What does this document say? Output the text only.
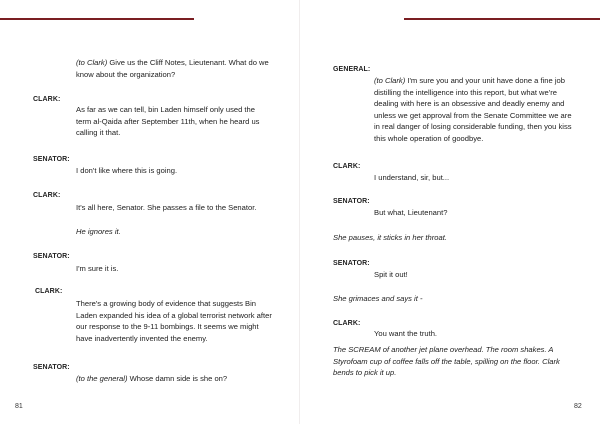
(to Clark) Give us the Cliff Notes, Lieutenant. What do we know about the organization?

CLARK:

As far as we can tell, bin Laden himself only used the term al-Qaida after September 11th, when he heard us calling it that.

SENATOR:

I don't like where this is going.

CLARK:

It's all here, Senator. She passes a file to the Senator.

He ignores it.

SENATOR:

I'm sure it is.

CLARK:

There's a growing body of evidence that suggests Bin Laden expanded his idea of a global terrorist network after our response to the 9-11 bombings. It seems we might have inadvertently invented the enemy.

SENATOR:

(to the general) Whose damn side is she on?

81

GENERAL:

(to Clark) I'm sure you and your unit have done a fine job distilling the intelligence into this report, but what we're dealing with here is an obsessive and deadly enemy and unless we get approval from the Senate Committee we are in real danger of losing considerable funding, then you kiss this whole operation of goodbye.

CLARK:

I understand, sir, but...

SENATOR:

But what, Lieutenant?

She pauses, it sticks in her throat.

SENATOR:

Spit it out!

She grimaces and says it -

CLARK:

You want the truth.

The SCREAM of another jet plane overhead. The room shakes. A Styrofoam cup of coffee falls off the table, spilling on the floor. Clark bends to pick it up.

82
